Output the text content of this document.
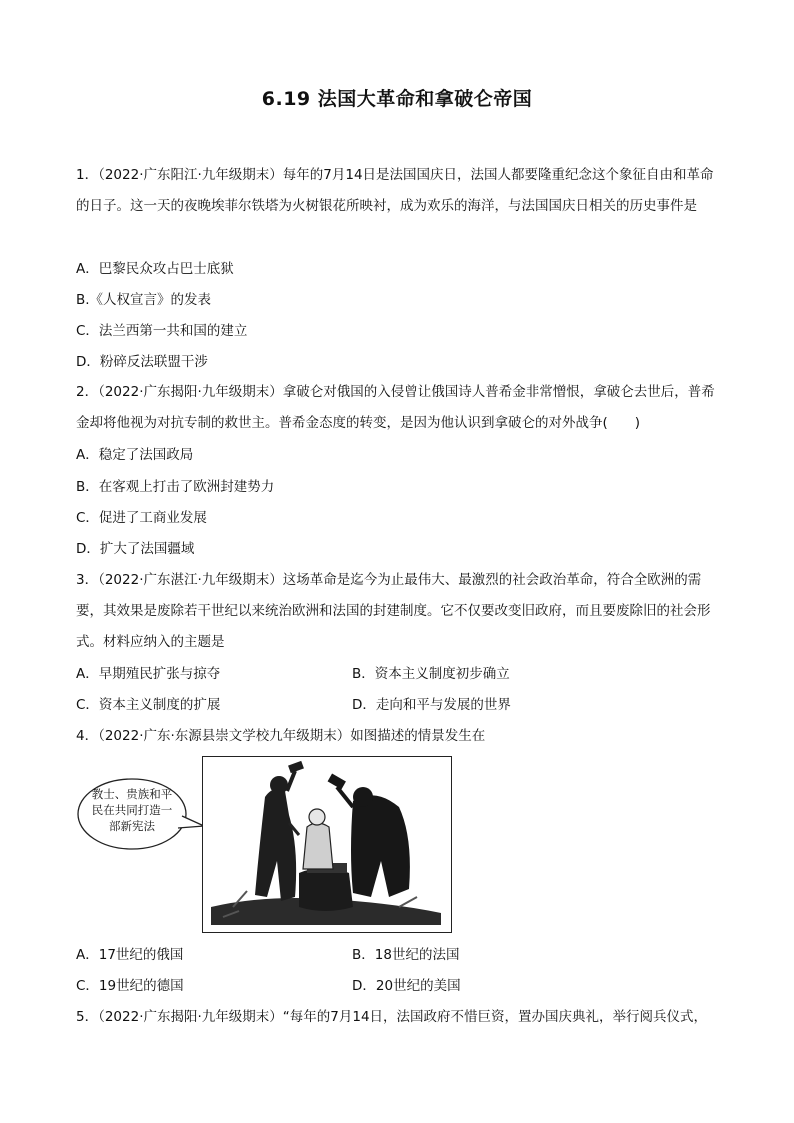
6.19 法国大革命和拿破仑帝国
1．（2022·广东阳江·九年级期末）每年的7月14日是法国国庆日，法国人都要隆重纪念这个象征自由和革命的日子。这一天的夜晚埃菲尔铁塔为火树银花所映衬，成为欢乐的海洋，与法国国庆日相关的历史事件是
A．巴黎民众攻占巴士底狱
B.《人权宣言》的发表
C．法兰西第一共和国的建立
D．粉碎反法联盟干涉
2．（2022·广东揭阳·九年级期末）拿破仑对俄国的入侵曾让俄国诗人普希金非常憎恨，拿破仑去世后，普希金却将他视为对抗专制的救世主。普希金态度的转变，是因为他认识到拿破仑的对外战争(　　)
A．稳定了法国政局
B．在客观上打击了欧洲封建势力
C．促进了工商业发展
D．扩大了法国疆域
3．（2022·广东湛江·九年级期末）这场革命是迄今为止最伟大、最激烈的社会政治革命，符合全欧洲的需要，其效果是废除若干世纪以来统治欧洲和法国的封建制度。它不仅要改变旧政府，而且要废除旧的社会形式。材料应纳入的主题是
A．早期殖民扩张与掠夺	B．资本主义制度初步确立
C．资本主义制度的扩展	D．走向和平与发展的世界
4．（2022·广东·东源县崇文学校九年级期末）如图描述的情景发生在
教士、贵族和平民在共同打造一部新宪法
A．17世纪的俄国	B．18世纪的法国
C．19世纪的德国	D．20世纪的美国
5．（2022·广东揭阳·九年级期末）“每年的7月14日，法国政府不惜巨资，置办国庆典礼，举行阅兵仪式，
